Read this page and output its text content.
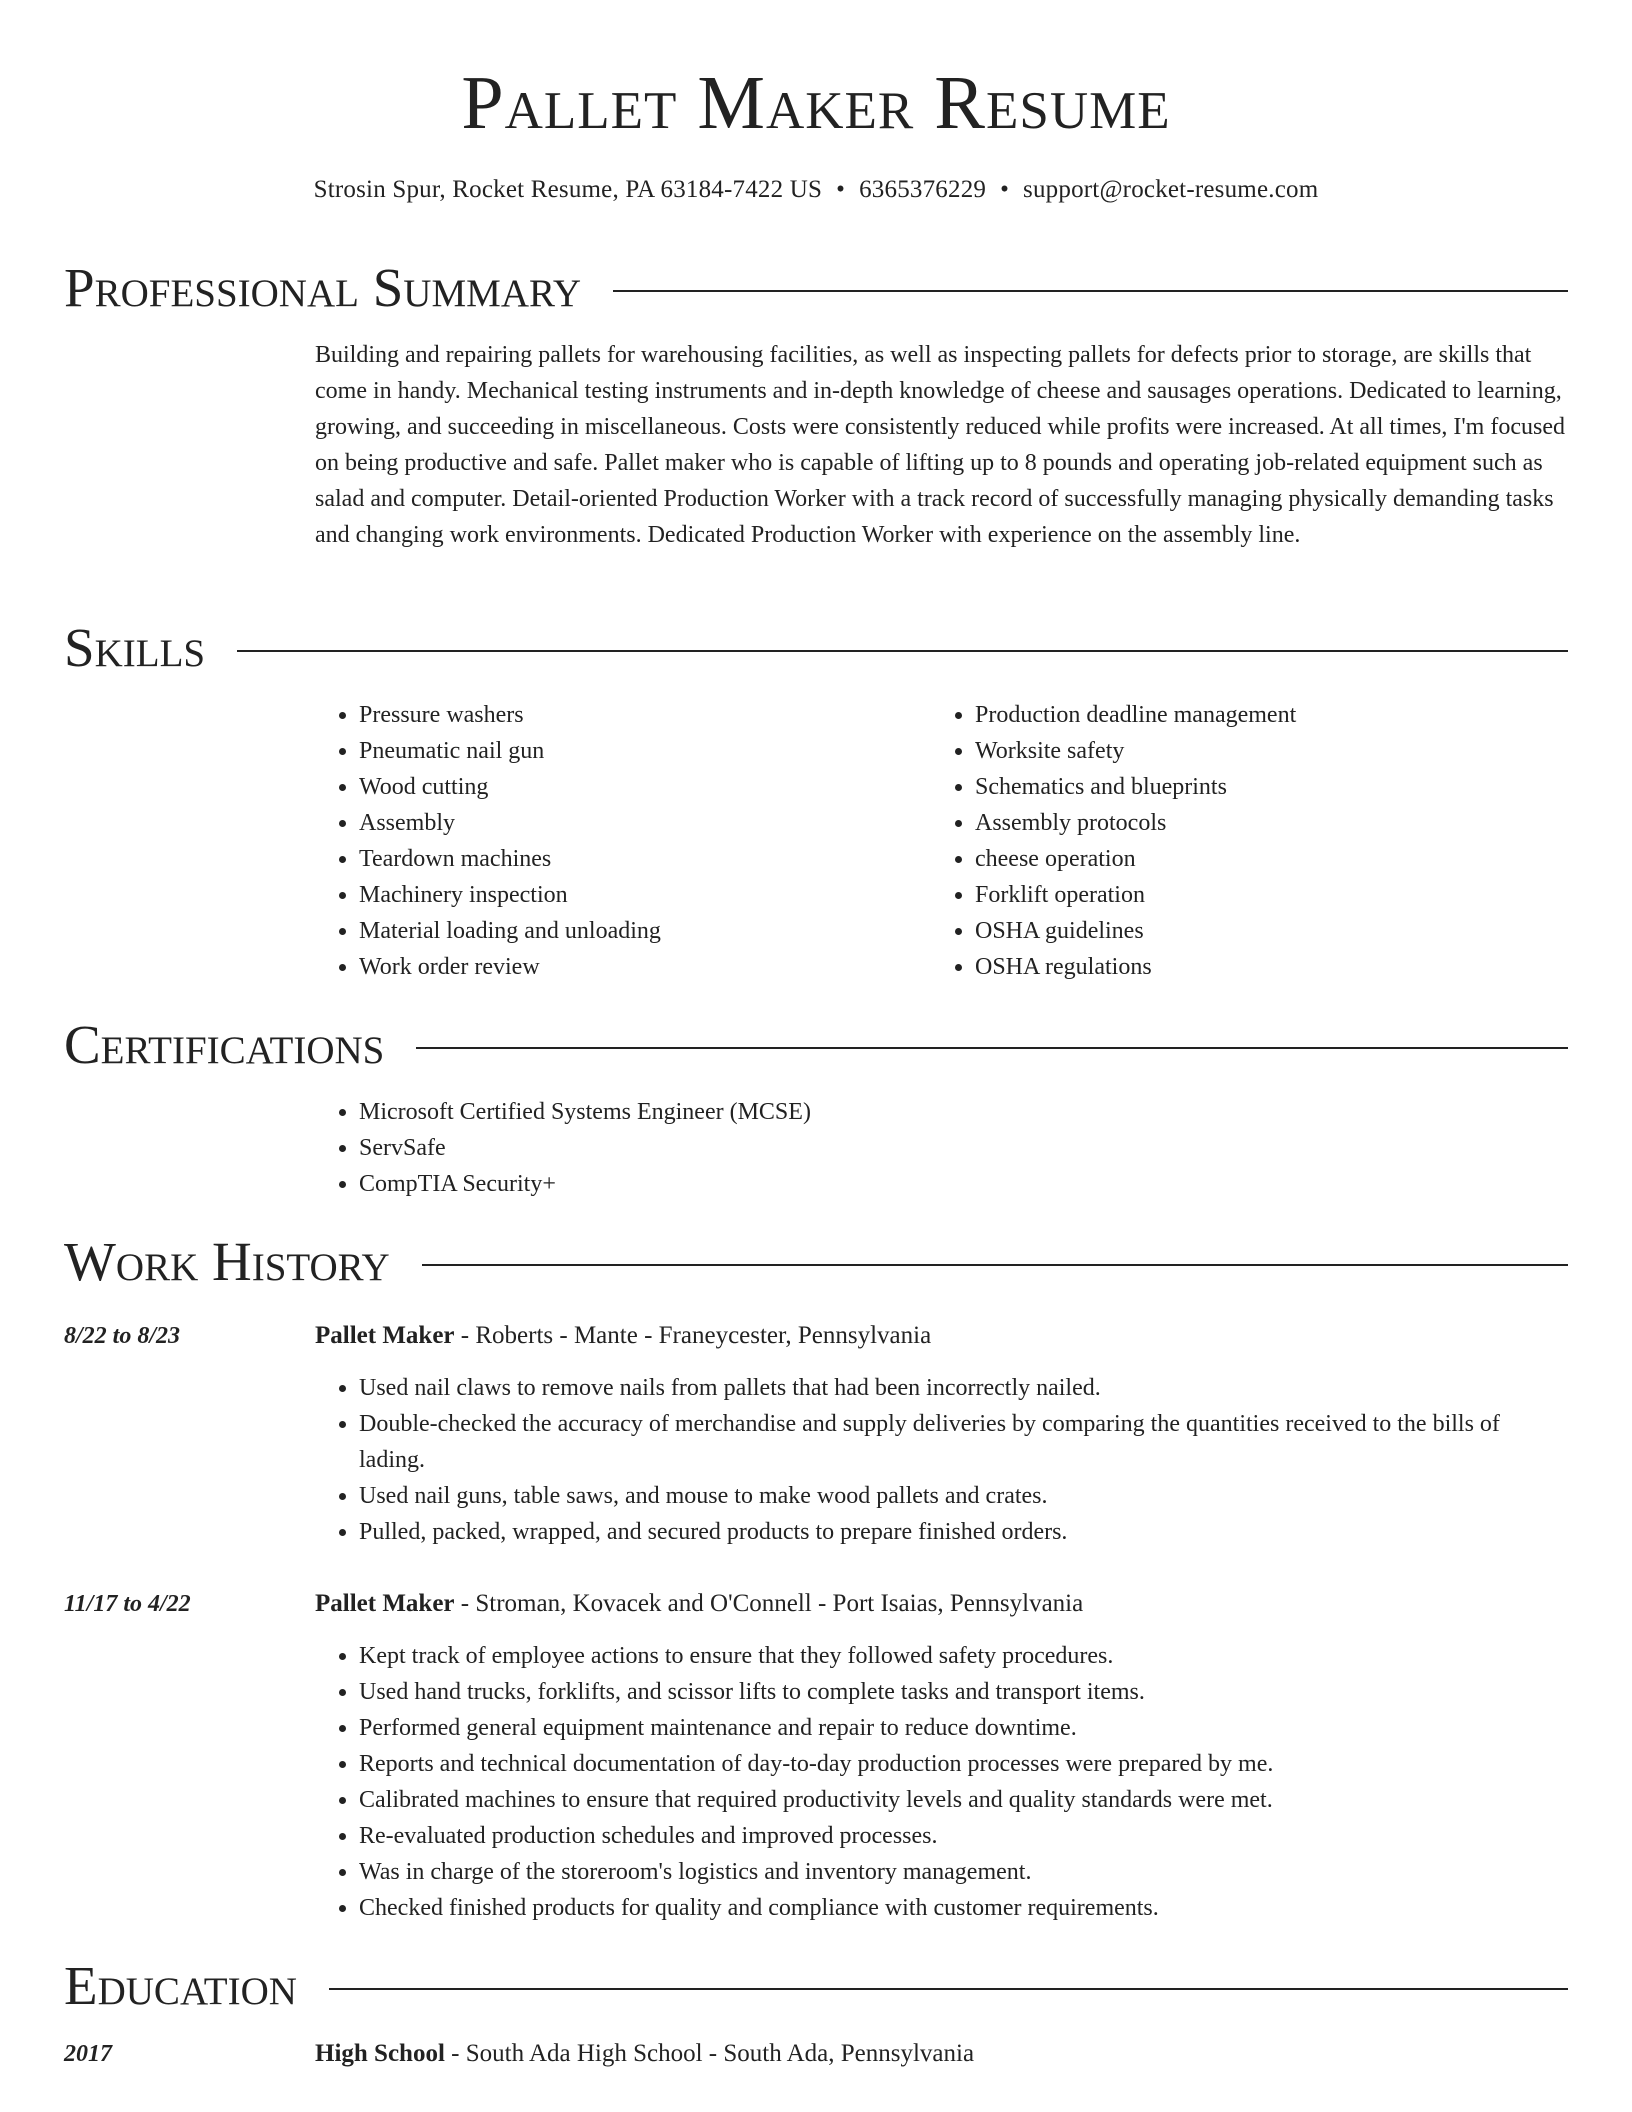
Pallet Maker Resume
Strosin Spur, Rocket Resume, PA 63184-7422 US • 6365376229 • support@rocket-resume.com
Professional Summary

Building and repairing pallets for warehousing facilities, as well as inspecting pallets for defects prior to storage, are skills that come in handy. Mechanical testing instruments and in-depth knowledge of cheese and sausages operations. Dedicated to learning, growing, and succeeding in miscellaneous. Costs were consistently reduced while profits were increased. At all times, I'm focused on being productive and safe. Pallet maker who is capable of lifting up to 8 pounds and operating job-related equipment such as salad and computer. Detail-oriented Production Worker with a track record of successfully managing physically demanding tasks and changing work environments. Dedicated Production Worker with experience on the assembly line.

Skills
• Pressure washers
• Pneumatic nail gun
• Wood cutting
• Assembly
• Teardown machines
• Machinery inspection
• Material loading and unloading
• Work order review
• Production deadline management
• Worksite safety
• Schematics and blueprints
• Assembly protocols
• cheese operation
• Forklift operation
• OSHA guidelines
• OSHA regulations
Certifications
• Microsoft Certified Systems Engineer (MCSE)
• ServSafe
• CompTIA Security+
Work History
8/22 to 8/23	Pallet Maker - Roberts - Mante - Franeycester, Pennsylvania
• Used nail claws to remove nails from pallets that had been incorrectly nailed.
• Double-checked the accuracy of merchandise and supply deliveries by comparing the quantities received to the bills of lading.
• Used nail guns, table saws, and mouse to make wood pallets and crates.
• Pulled, packed, wrapped, and secured products to prepare finished orders.
11/17 to 4/22	Pallet Maker - Stroman, Kovacek and O'Connell - Port Isaias, Pennsylvania
• Kept track of employee actions to ensure that they followed safety procedures.
• Used hand trucks, forklifts, and scissor lifts to complete tasks and transport items.
• Performed general equipment maintenance and repair to reduce downtime.
• Reports and technical documentation of day-to-day production processes were prepared by me.
• Calibrated machines to ensure that required productivity levels and quality standards were met.
• Re-evaluated production schedules and improved processes.
• Was in charge of the storeroom's logistics and inventory management.
• Checked finished products for quality and compliance with customer requirements.
Education
2017	High School - South Ada High School - South Ada, Pennsylvania
